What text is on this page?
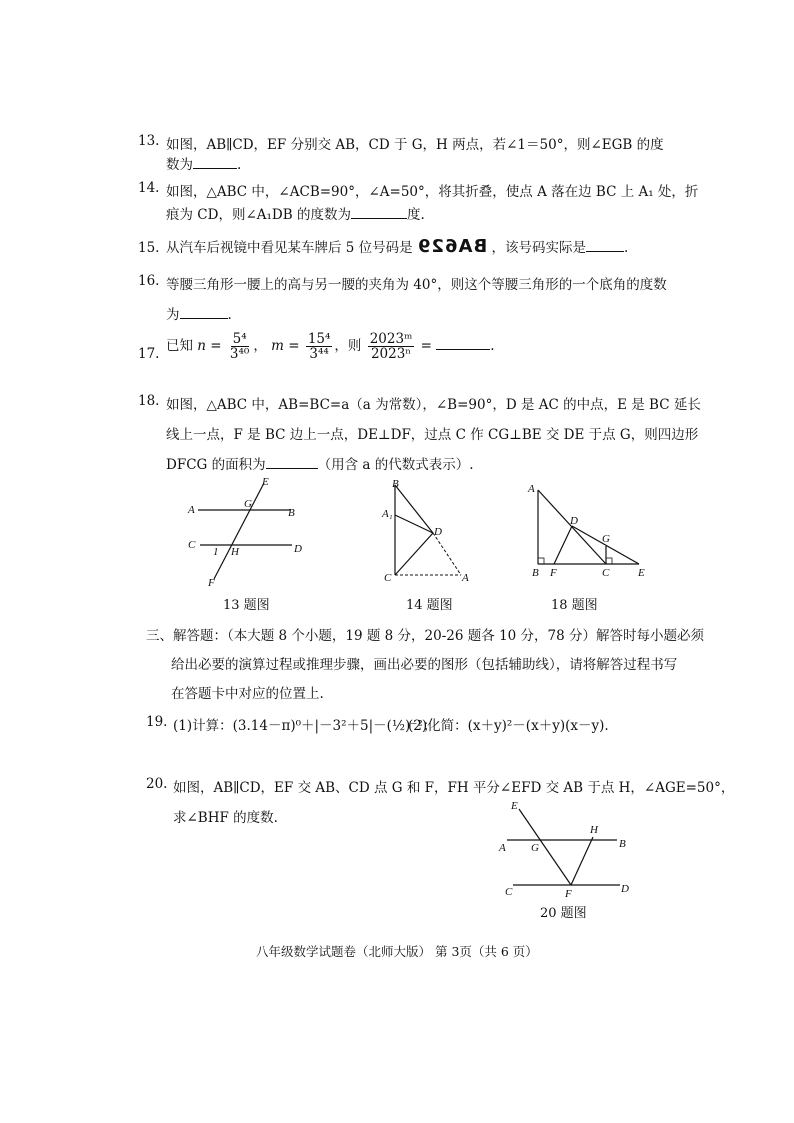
13. 如图，AB∥CD，EF 分别交 AB，CD 于 G，H 两点，若∠1＝50°，则∠EGB 的度
数为	.
14. 如图，△ABC 中，∠ACB=90°，∠A=50°，将其折叠，使点 A 落在边 BC 上 A₁ 处，折
痕为 CD，则∠A₁DB 的度数为	度.
15. 从汽车后视镜中看见某车牌后 5 位号码是 BA629 ，该号码实际是	.
16. 等腰三角形一腰上的高与另一腰的夹角为 40°，则这个等腰三角形的一个底角的度数
为	.
17. 已知 $n = \frac{\text{5⁴}}{\text{3⁴⁰}}$ ， $m = \frac{\text{15⁴}}{\text{3⁴⁴}}$ ，则 $\frac{\text{2023ᵐ}}{\text{2023ⁿ}}$ =	.
18. 如图，△ABC 中，AB=BC=a（a 为常数），∠B=90°，D 是 AC 的中点，E 是 BC 延长
线上一点，F 是 BC 边上一点，DE⊥DF，过点 C 作 CG⊥BE 交 DE 于点 G，则四边形
DFCG 的面积为	（用含 a 的代数式表示）.
A	B
C	D
E
F
G
H
1
13 题图
B
A₁
D
C	A
14 题图
A
D
G
B F	C	E
18 题图
三、解答题：（本大题 8 个小题，19 题 8 分，20-26 题各 10 分，78 分）解答时每小题必须
给出必要的演算过程或推理步骤，画出必要的图形（包括辅助线），请将解答过程书写
在答题卡中对应的位置上.
19. (1)计算：(3.14－π)⁰＋|－3²＋5|－(½)⁻²；
(2)化简：(x＋y)²－(x＋y)(x－y).
20. 如图，AB∥CD，EF 交 AB、CD 点 G 和 F，FH 平分∠EFD 交 AB 于点 H，∠AGE=50°，
求∠BHF 的度数.
E
A G
H
B
C	F	D
20 题图
八年级数学试题卷（北师大版） 第 3页（共 6 页）
